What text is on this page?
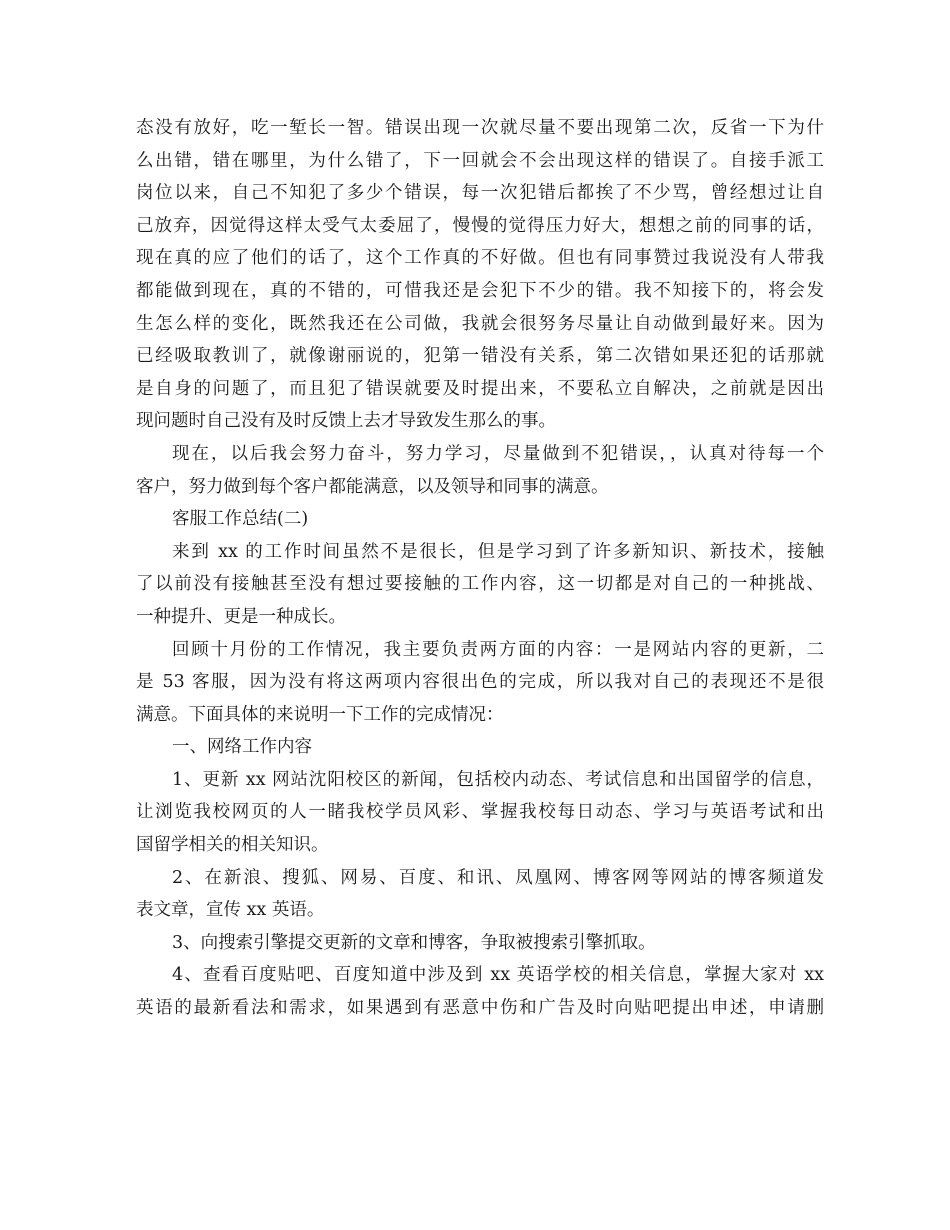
态没有放好，吃一堑长一智。错误出现一次就尽量不要出现第二次，反省一下为什
么出错，错在哪里，为什么错了，下一回就会不会出现这样的错误了。自接手派工
岗位以来，自己不知犯了多少个错误，每一次犯错后都挨了不少骂，曾经想过让自
己放弃，因觉得这样太受气太委屈了，慢慢的觉得压力好大，想想之前的同事的话，
现在真的应了他们的话了，这个工作真的不好做。但也有同事赞过我说没有人带我
都能做到现在，真的不错的，可惜我还是会犯下不少的错。我不知接下的，将会发
生怎么样的变化，既然我还在公司做，我就会很努务尽量让自动做到最好来。因为
已经吸取教训了，就像谢丽说的，犯第一错没有关系，第二次错如果还犯的话那就
是自身的问题了，而且犯了错误就要及时提出来，不要私立自解决，之前就是因出
现问题时自己没有及时反馈上去才导致发生那么的事。
现在，以后我会努力奋斗，努力学习，尽量做到不犯错误，，认真对待每一个
客户，努力做到每个客户都能满意，以及领导和同事的满意。
客服工作总结(二)
来到 xx 的工作时间虽然不是很长，但是学习到了许多新知识、新技术，接触
了以前没有接触甚至没有想过要接触的工作内容，这一切都是对自己的一种挑战、
一种提升、更是一种成长。
回顾十月份的工作情况，我主要负责两方面的内容：一是网站内容的更新，二
是 53 客服，因为没有将这两项内容很出色的完成，所以我对自己的表现还不是很
满意。下面具体的来说明一下工作的完成情况：
一、网络工作内容
1、更新 xx 网站沈阳校区的新闻，包括校内动态、考试信息和出国留学的信息，
让浏览我校网页的人一睹我校学员风彩、掌握我校每日动态、学习与英语考试和出
国留学相关的相关知识。
2、在新浪、搜狐、网易、百度、和讯、凤凰网、博客网等网站的博客频道发
表文章，宣传 xx 英语。
3、向搜索引擎提交更新的文章和博客，争取被搜索引擎抓取。
4、查看百度贴吧、百度知道中涉及到 xx 英语学校的相关信息，掌握大家对 xx
英语的最新看法和需求，如果遇到有恶意中伤和广告及时向贴吧提出申述，申请删
